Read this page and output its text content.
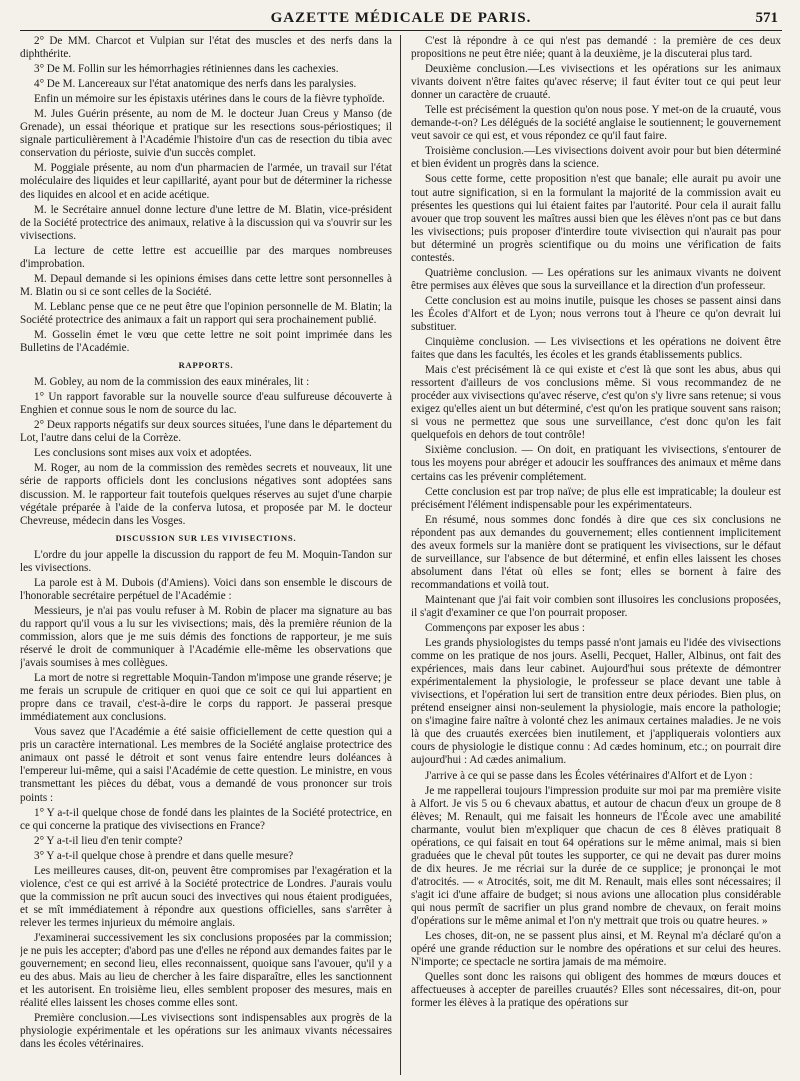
GAZETTE MÉDICALE DE PARIS.	571

2° De MM. Charcot et Vulpian sur l'état des muscles et des nerfs dans la diphthérite.

3° De M. Follin sur les hémorrhagies rétiniennes dans les cachexies.

4° De M. Lancereaux sur l'état anatomique des nerfs dans les paralysies.

Enfin un mémoire sur les épistaxis utérines dans le cours de la fièvre typhoïde.

M. Jules Guérin présente, au nom de M. le docteur Juan Creus y Manso (de Grenade), un essai théorique et pratique sur les resections sous-périostiques; il signale particulièrement à l'Académie l'histoire d'un cas de resection du tibia avec conservation du périoste, suivie d'un succès complet.

M. Poggiale présente, au nom d'un pharmacien de l'armée, un travail sur l'état moléculaire des liquides et leur capillarité, ayant pour but de déterminer la richesse des liquides en alcool et en acide acétique.

M. le Secrétaire annuel donne lecture d'une lettre de M. Blatin, vice-président de la Société protectrice des animaux, relative à la discussion qui va s'ouvrir sur les vivisections.

La lecture de cette lettre est accueillie par des marques nombreuses d'improbation.

M. Depaul demande si les opinions émises dans cette lettre sont personnelles à M. Blatin ou si ce sont celles de la Société.

M. Leblanc pense que ce ne peut être que l'opinion personnelle de M. Blatin; la Société protectrice des animaux a fait un rapport qui sera prochainement publié.

M. Gosselin émet le vœu que cette lettre ne soit point imprimée dans les Bulletins de l'Académie.

RAPPORTS.

M. Gobley, au nom de la commission des eaux minérales, lit :

1° Un rapport favorable sur la nouvelle source d'eau sulfureuse découverte à Enghien et connue sous le nom de source du lac.

2° Deux rapports négatifs sur deux sources situées, l'une dans le département du Lot, l'autre dans celui de la Corrèze.

Les conclusions sont mises aux voix et adoptées.

M. Roger, au nom de la commission des remèdes secrets et nouveaux, lit une série de rapports officiels dont les conclusions négatives sont adoptées sans discussion. M. le rapporteur fait toutefois quelques réserves au sujet d'une charpie végétale préparée à l'aide de la conferva lutosa, et proposée par M. le docteur Chevreuse, médecin dans les Vosges.

DISCUSSION SUR LES VIVISECTIONS.

L'ordre du jour appelle la discussion du rapport de feu M. Moquin-Tandon sur les vivisections.

La parole est à M. Dubois (d'Amiens). Voici dans son ensemble le discours de l'honorable secrétaire perpétuel de l'Académie :

Messieurs, je n'ai pas voulu refuser à M. Robin de placer ma signature au bas du rapport qu'il vous a lu sur les vivisections; mais, dès la première réunion de la commission, alors que je me suis démis des fonctions de rapporteur, je me suis réservé le droit de communiquer à l'Académie elle-même les observations que j'avais soumises à mes collègues.

La mort de notre si regrettable Moquin-Tandon m'impose une grande réserve; je me ferais un scrupule de critiquer en quoi que ce soit ce qui lui appartient en propre dans ce travail, c'est-à-dire le corps du rapport. Je passerai presque immédiatement aux conclusions.

Vous savez que l'Académie a été saisie officiellement de cette question qui a pris un caractère international. Les membres de la Société anglaise protectrice des animaux ont passé le détroit et sont venus faire entendre leurs doléances à l'empereur lui-même, qui a saisi l'Académie de cette question. Le ministre, en vous transmettant les pièces du débat, vous a demandé de vous prononcer sur trois points :

1° Y a-t-il quelque chose de fondé dans les plaintes de la Société protectrice, en ce qui concerne la pratique des vivisections en France?

2° Y a-t-il lieu d'en tenir compte?

3° Y a-t-il quelque chose à prendre et dans quelle mesure?

Les meilleures causes, dit-on, peuvent être compromises par l'exagération et la violence, c'est ce qui est arrivé à la Société protectrice de Londres. J'aurais voulu que la commission ne prît aucun souci des invectives qui nous étaient prodiguées, et se mît immédiatement à répondre aux questions officielles, sans s'arrêter à relever les termes injurieux du mémoire anglais.

J'examinerai successivement les six conclusions proposées par la commission; je ne puis les accepter; d'abord pas une d'elles ne répond aux demandes faites par le gouvernement; en second lieu, elles reconnaissent, quoique sans l'avouer, qu'il y a eu des abus. Mais au lieu de chercher à les faire disparaître, elles les sanctionnent et les autorisent. En troisième lieu, elles semblent proposer des mesures, mais en réalité elles laissent les choses comme elles sont.

Première conclusion.—Les vivisections sont indispensables aux progrès de la physiologie expérimentale et les opérations sur les animaux vivants nécessaires dans les écoles vétérinaires.

C'est là répondre à ce qui n'est pas demandé : la première de ces deux propositions ne peut être niée; quant à la deuxième, je la discuterai plus tard.

Deuxième conclusion.—Les vivisections et les opérations sur les animaux vivants doivent n'être faites qu'avec réserve; il faut éviter tout ce qui peut leur donner un caractère de cruauté.

Telle est précisément la question qu'on nous pose. Y met-on de la cruauté, vous demande-t-on? Les délégués de la société anglaise le soutiennent; le gouvernement veut savoir ce qui est, et vous répondez ce qu'il faut faire.

Troisième conclusion.—Les vivisections doivent avoir pour but bien déterminé et bien évident un progrès dans la science.

Sous cette forme, cette proposition n'est que banale; elle aurait pu avoir une tout autre signification, si en la formulant la majorité de la commission avait eu présentes les questions qui lui étaient faites par l'autorité. Pour cela il aurait fallu avouer que trop souvent les maîtres aussi bien que les élèves n'ont pas ce but dans les vivisections; puis proposer d'interdire toute vivisection qui n'aurait pas pour but déterminé un progrès scientifique ou du moins une vérification de faits contestés.

Quatrième conclusion. — Les opérations sur les animaux vivants ne doivent être permises aux élèves que sous la surveillance et la direction d'un professeur.

Cette conclusion est au moins inutile, puisque les choses se passent ainsi dans les Écoles d'Alfort et de Lyon; nous verrons tout à l'heure ce qu'on devrait lui substituer.

Cinquième conclusion. — Les vivisections et les opérations ne doivent être faites que dans les facultés, les écoles et les grands établissements publics.

Mais c'est précisément là ce qui existe et c'est là que sont les abus, abus qui ressortent d'ailleurs de vos conclusions même. Si vous recommandez de ne procéder aux vivisections qu'avec réserve, c'est qu'on s'y livre sans retenue; si vous exigez qu'elles aient un but déterminé, c'est qu'on les pratique souvent sans raison; si vous ne permettez que sous une surveillance, c'est donc qu'on les fait quelquefois en dehors de tout contrôle!

Sixième conclusion. — On doit, en pratiquant les vivisections, s'entourer de tous les moyens pour abréger et adoucir les souffrances des animaux et même dans certains cas les prévenir complétement.

Cette conclusion est par trop naïve; de plus elle est impraticable; la douleur est précisément l'élément indispensable pour les expérimentateurs.

En résumé, nous sommes donc fondés à dire que ces six conclusions ne répondent pas aux demandes du gouvernement; elles contiennent implicitement des aveux formels sur la manière dont se pratiquent les vivisections, sur le défaut de surveillance, sur l'absence de but déterminé, et enfin elles laissent les choses absolument dans l'état où elles se font; elles se bornent à faire des recommandations et voilà tout.

Maintenant que j'ai fait voir combien sont illusoires les conclusions proposées, il s'agit d'examiner ce que l'on pourrait proposer.

Commençons par exposer les abus :

Les grands physiologistes du temps passé n'ont jamais eu l'idée des vivisections comme on les pratique de nos jours. Aselli, Pecquet, Haller, Albinus, ont fait des expériences, mais dans leur cabinet. Aujourd'hui sous prétexte de démontrer expérimentalement la physiologie, le professeur se place devant une table à vivisections, et l'opération lui sert de transition entre deux périodes. Bien plus, on prétend enseigner ainsi non-seulement la physiologie, mais encore la pathologie; on s'imagine faire naître à volonté chez les animaux certaines maladies. Je ne vois là que des cruautés exercées bien inutilement, et j'appliquerais volontiers aux cours de physiologie le distique connu : Ad cædes hominum, etc.; on pourrait dire aujourd'hui : Ad cædes animalium.

J'arrive à ce qui se passe dans les Écoles vétérinaires d'Alfort et de Lyon :

Je me rappellerai toujours l'impression produite sur moi par ma première visite à Alfort. Je vis 5 ou 6 chevaux abattus, et autour de chacun d'eux un groupe de 8 élèves; M. Renault, qui me faisait les honneurs de l'École avec une amabilité charmante, voulut bien m'expliquer que chacun de ces 8 élèves pratiquait 8 opérations, ce qui faisait en tout 64 opérations sur le même animal, mais si bien graduées que le cheval pût toutes les supporter, ce qui ne devait pas durer moins de dix heures. Je me récriai sur la durée de ce supplice; je prononçai le mot d'atrocités. — « Atrocités, soit, me dit M. Renault, mais elles sont nécessaires; il s'agit ici d'une affaire de budget; si nous avions une allocation plus considérable qui nous permît de sacrifier un plus grand nombre de chevaux, on ferait moins d'opérations sur le même animal et l'on n'y mettrait que trois ou quatre heures. »

Les choses, dit-on, ne se passent plus ainsi, et M. Reynal m'a déclaré qu'on a opéré une grande réduction sur le nombre des opérations et sur celui des heures. N'importe; ce spectacle ne sortira jamais de ma mémoire.

Quelles sont donc les raisons qui obligent des hommes de mœurs douces et affectueuses à accepter de pareilles cruautés? Elles sont nécessaires, dit-on, pour former les élèves à la pratique des opérations sur
